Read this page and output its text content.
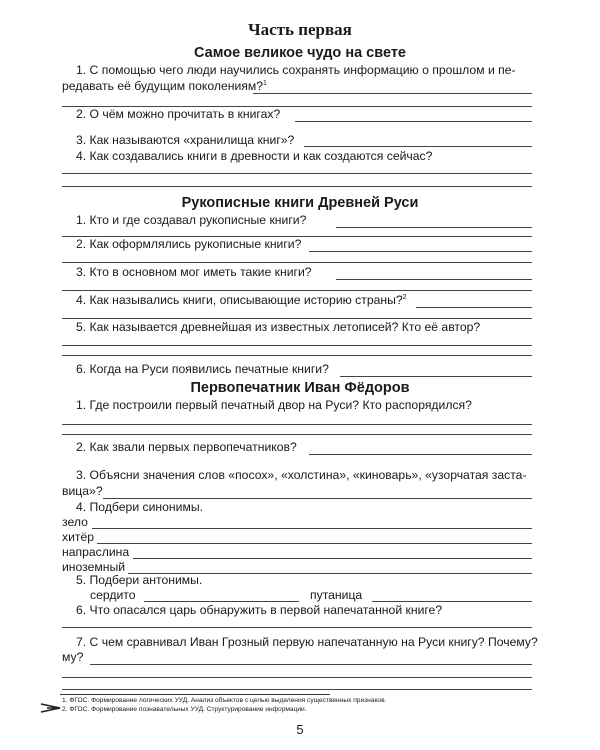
Часть первая
Самое великое чудо на свете
1. С помощью чего люди научились сохранять информацию о прошлом и пе-
редавать её будущим поколениям?$^1$
2. О чём можно прочитать в книгах?
3. Как называются «хранилища книг»?
4. Как создавались книги в древности и как создаются сейчас?
Рукописные книги Древней Руси
1. Кто и где создавал рукописные книги?
2. Как оформлялись рукописные книги?
3. Кто в основном мог иметь такие книги?
4. Как назывались книги, описывающие историю страны?$^2$
5. Как называется древнейшая из известных летописей? Кто её автор?
6. Когда на Руси появились печатные книги?
Первопечатник Иван Фёдоров
1. Где построили первый печатный двор на Руси? Кто распорядился?
2. Как звали первых первопечатников?
3. Объясни значения слов «посох», «холстина», «киноварь», «узорчатая заста-
вица»?
4. Подбери синонимы.
зело
хитёр
напраслина
иноземный
5. Подбери антонимы.
сердито	путаница
6. Что опасался царь обнаружить в первой напечатанной книге?
7. С чем сравнивал Иван Грозный первую напечатанную на Руси книгу? Почему?
му?
1. ФГОС. Формирование логических УУД. Анализ объектов с целью выделения существенных признаков.
2. ФГОС. Формирование познавательных УУД. Структурирование информации.
5
